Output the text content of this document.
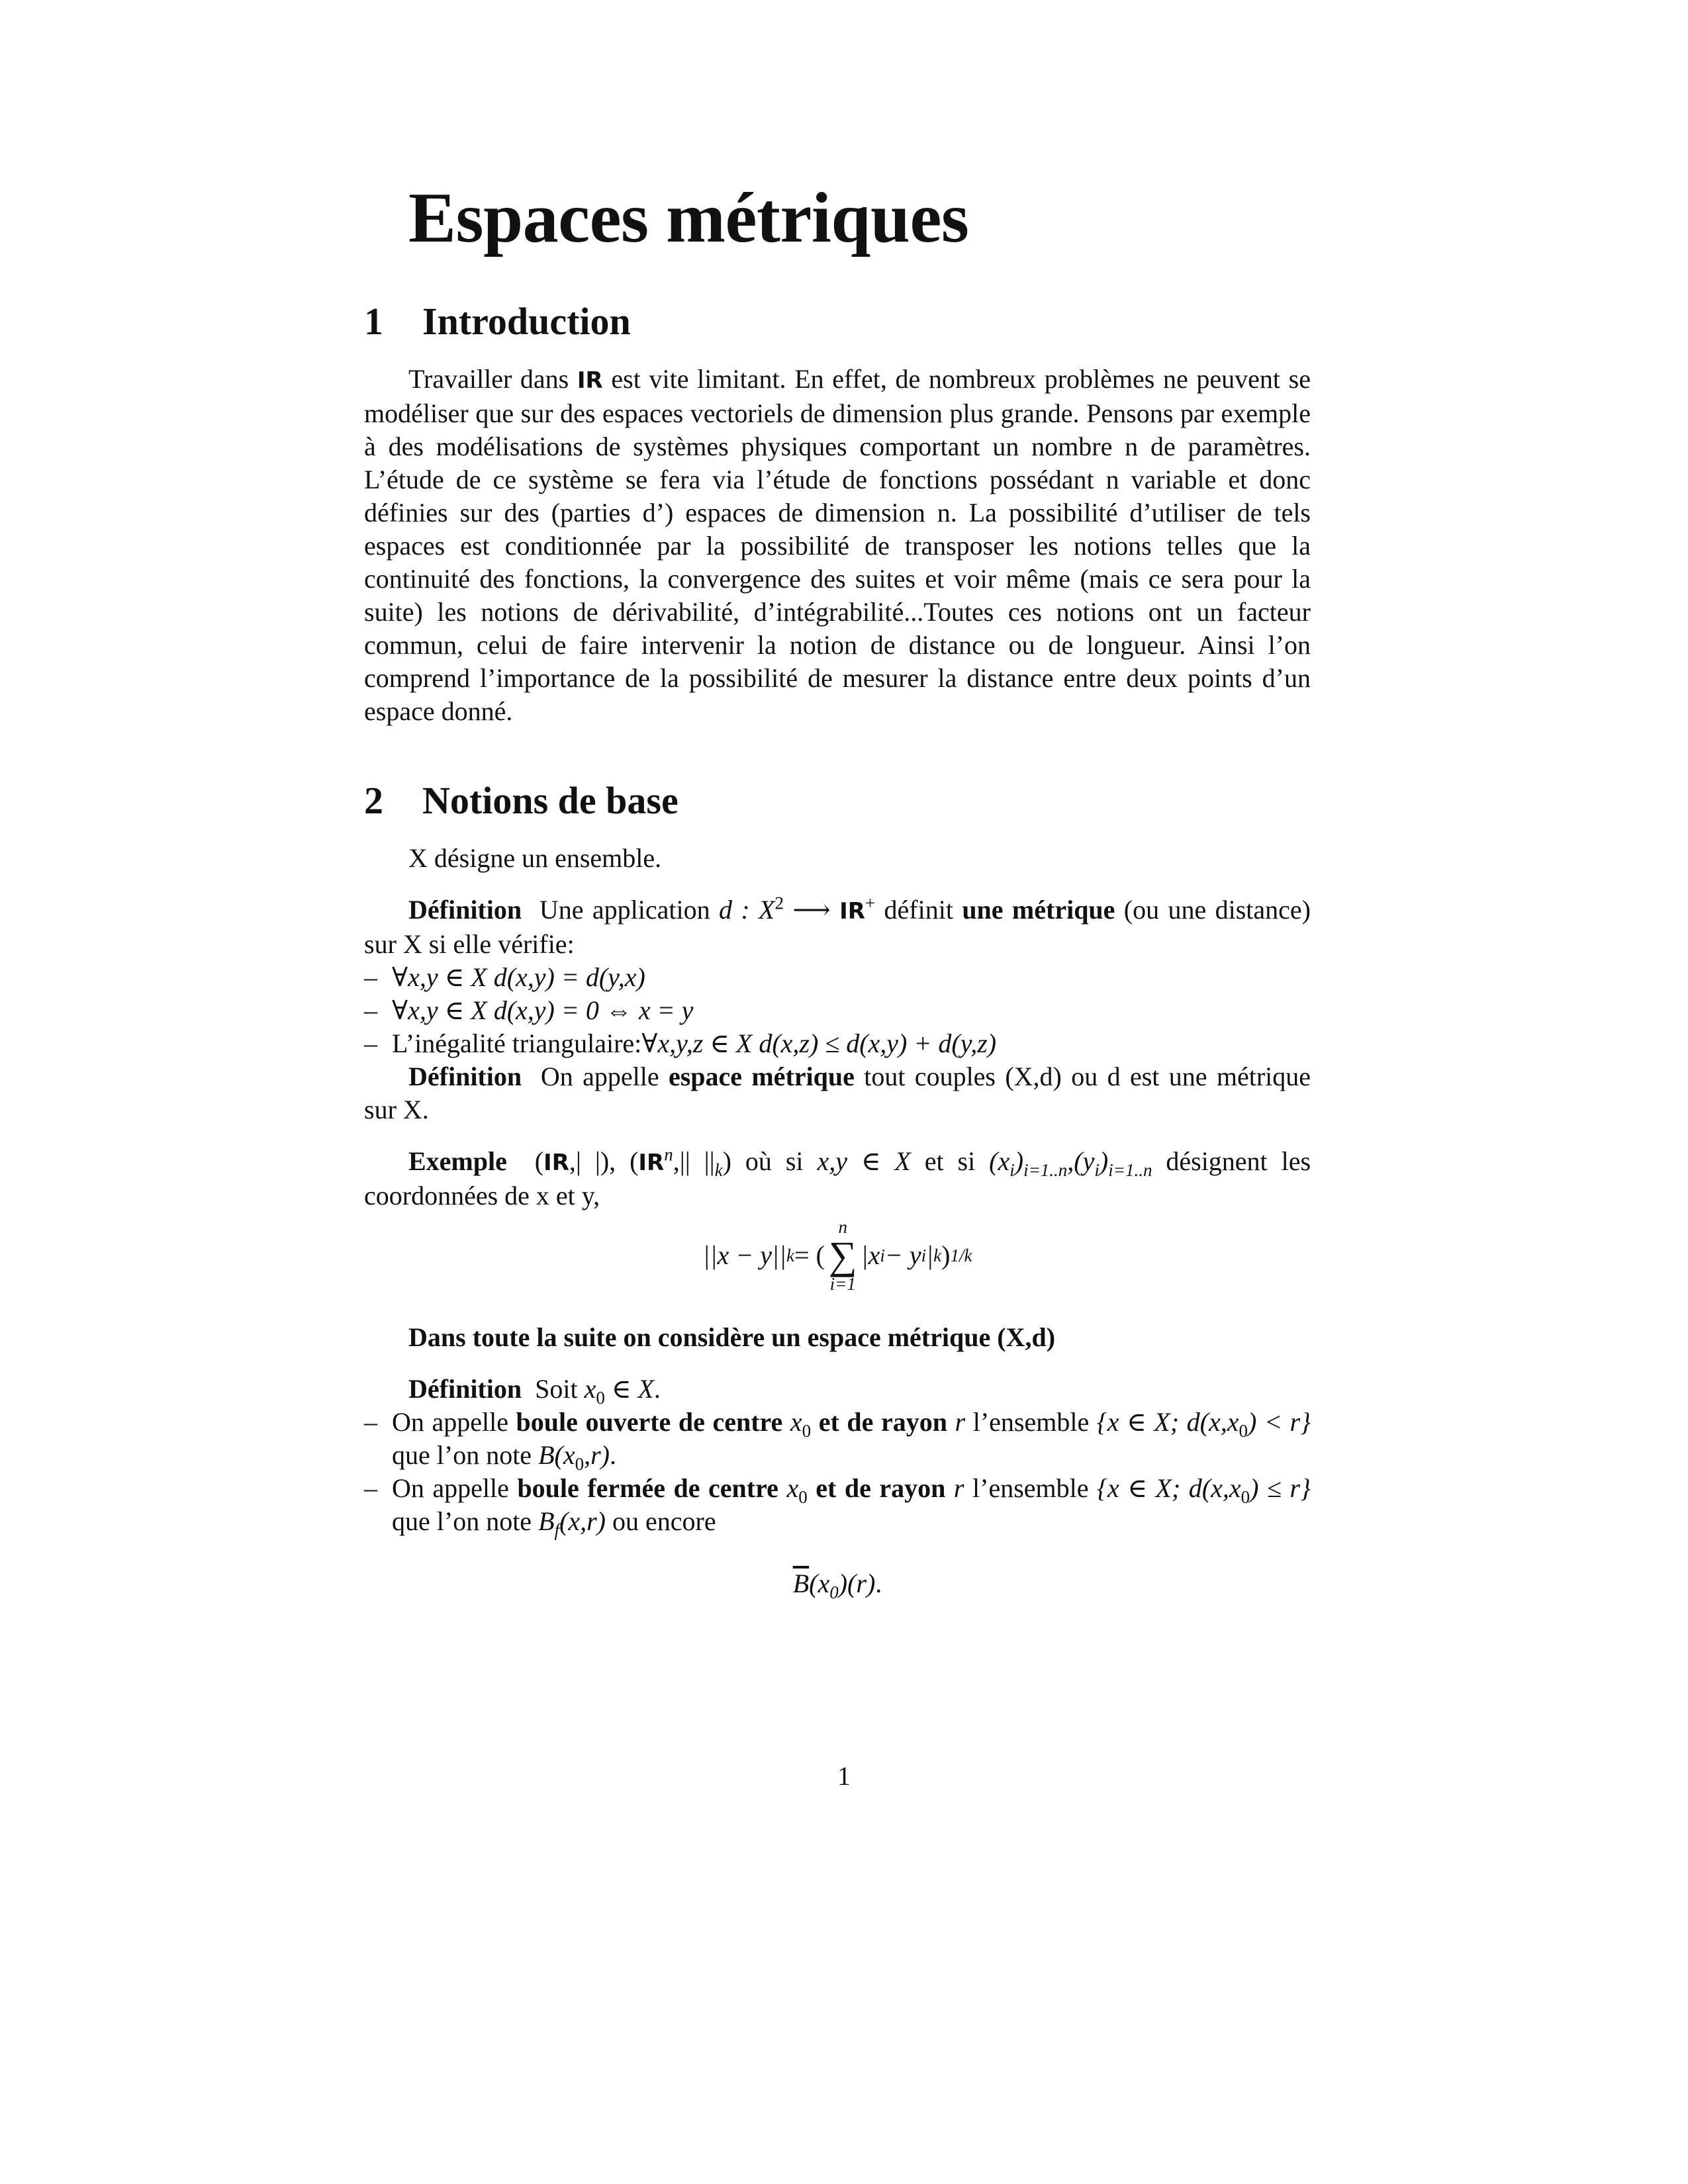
Espaces métriques
1 Introduction

Travailler dans IR est vite limitant. En effet, de nombreux problèmes ne peuvent se modéliser que sur des espaces vectoriels de dimension plus grande. Pensons par exemple à des modélisations de systèmes physiques comportant un nombre n de paramètres. L’étude de ce système se fera via l’étude de fonctions possédant n variable et donc définies sur des (parties d’) espaces de dimension n. La possibilité d’utiliser de tels espaces est conditionnée par la possibilité de transposer les notions telles que la continuité des fonctions, la convergence des suites et voir même (mais ce sera pour la suite) les notions de dérivabilité, d’intégrabilité...Toutes ces notions ont un facteur commun, celui de faire intervenir la notion de distance ou de longueur. Ainsi l’on comprend l’importance de la possibilité de mesurer la distance entre deux points d’un espace donné.

2 Notions de base

X désigne un ensemble.

Définition Une application d : $X^2$ ⟶ IR+ définit une métrique (ou une distance) sur X si elle vérifie:

– ∀x,y ∈ X d(x,y) = d(y,x)
– ∀x,y ∈ X d(x,y) = 0 ⇔ x = y
– L’inégalité triangulaire:∀x,y,z ∈ X d(x,z) ≤ d(x,y) + d(y,z)

Définition On appelle espace métrique tout couples (X,d) ou d est une métrique sur X.

Exemple (IR,| |), ($IR^n,||$ $||_k$) où si x,y ∈ X et si $(x_i)_{i=1..n},(y_i)_{i=1..n}$ désignent les coordonnées de x et y,

||x − y|| k = (
n
∑
i=1
|x i − y i | k ) 1/k

Dans toute la suite on considère un espace métrique (X,d)

Définition Soit $x_0$ ∈ X.

– On appelle boule ouverte de centre $x_0$ et de rayon r l’ensemble {x ∈ X; $d(x,x_0) < r$} que l’on note $B(x_0,r)$.
– On appelle boule fermée de centre $x_0$ et de rayon r l’ensemble {x ∈ X; $d(x,x_0) \le r$} que l’on note $B_f(x,r)$ ou encore

$\overline{B}(x_0)(r)$.

1
